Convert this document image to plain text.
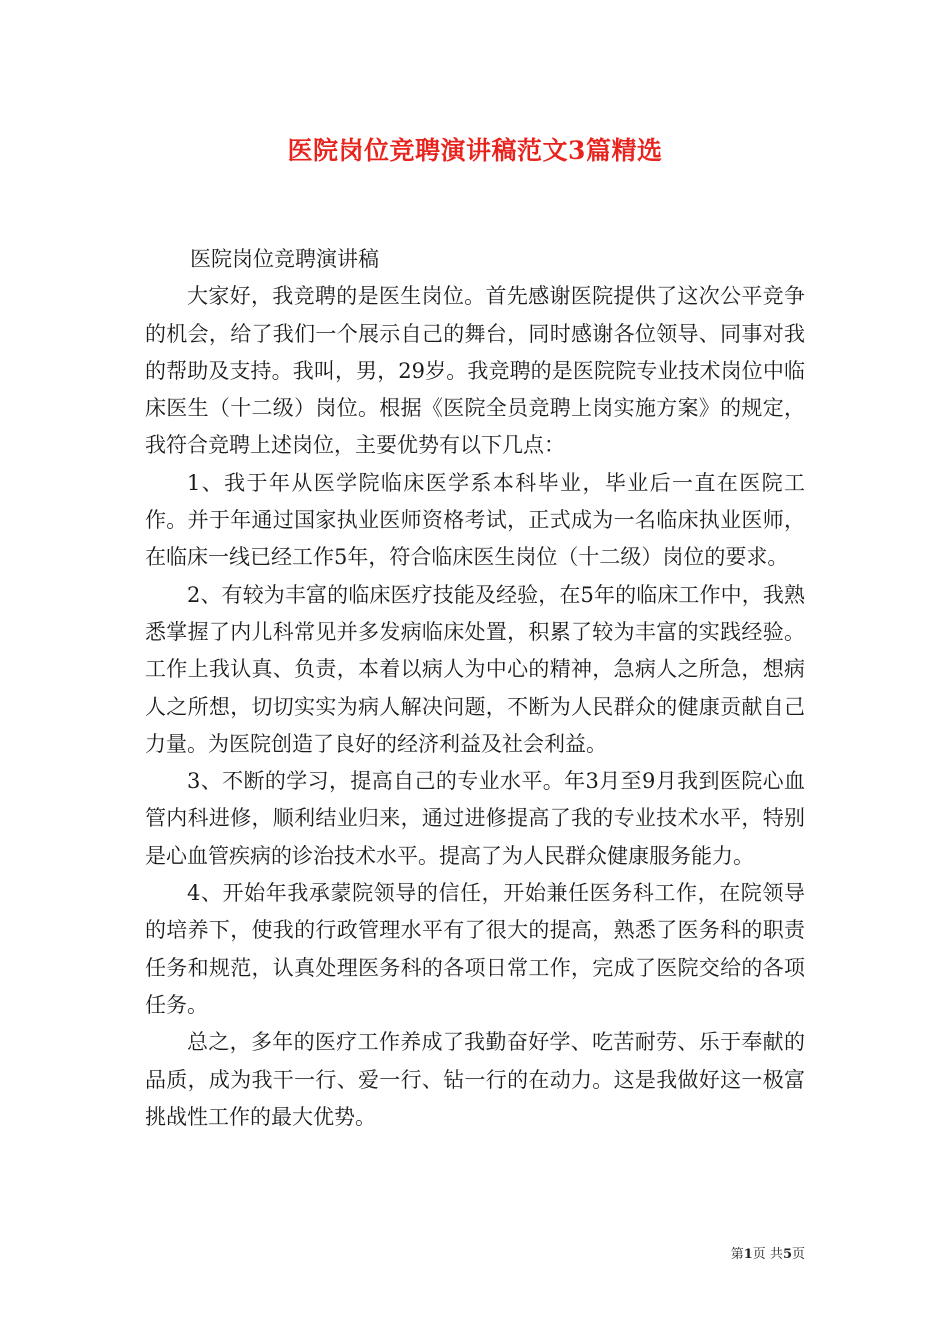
医院岗位竞聘演讲稿范文3篇精选

医院岗位竞聘演讲稿

大家好，我竞聘的是医生岗位。首先感谢医院提供了这次公平竞争的机会，给了我们一个展示自己的舞台，同时感谢各位领导、同事对我的帮助及支持。我叫，男，29岁。我竞聘的是医院院专业技术岗位中临床医生（十二级）岗位。根据《医院全员竞聘上岗实施方案》的规定，我符合竞聘上述岗位，主要优势有以下几点：

1、我于年从医学院临床医学系本科毕业，毕业后一直在医院工作。并于年通过国家执业医师资格考试，正式成为一名临床执业医师，在临床一线已经工作5年，符合临床医生岗位（十二级）岗位的要求。

2、有较为丰富的临床医疗技能及经验，在5年的临床工作中，我熟悉掌握了内儿科常见并多发病临床处置，积累了较为丰富的实践经验。工作上我认真、负责，本着以病人为中心的精神，急病人之所急，想病人之所想，切切实实为病人解决问题，不断为人民群众的健康贡献自己力量。为医院创造了良好的经济利益及社会利益。

3、不断的学习，提高自己的专业水平。年3月至9月我到医院心血管内科进修，顺利结业归来，通过进修提高了我的专业技术水平，特别是心血管疾病的诊治技术水平。提高了为人民群众健康服务能力。

4、开始年我承蒙院领导的信任，开始兼任医务科工作，在院领导的培养下，使我的行政管理水平有了很大的提高，熟悉了医务科的职责任务和规范，认真处理医务科的各项日常工作，完成了医院交给的各项任务。

总之，多年的医疗工作养成了我勤奋好学、吃苦耐劳、乐于奉献的品质，成为我干一行、爱一行、钻一行的在动力。这是我做好这一极富挑战性工作的最大优势。

第1页 共5页
